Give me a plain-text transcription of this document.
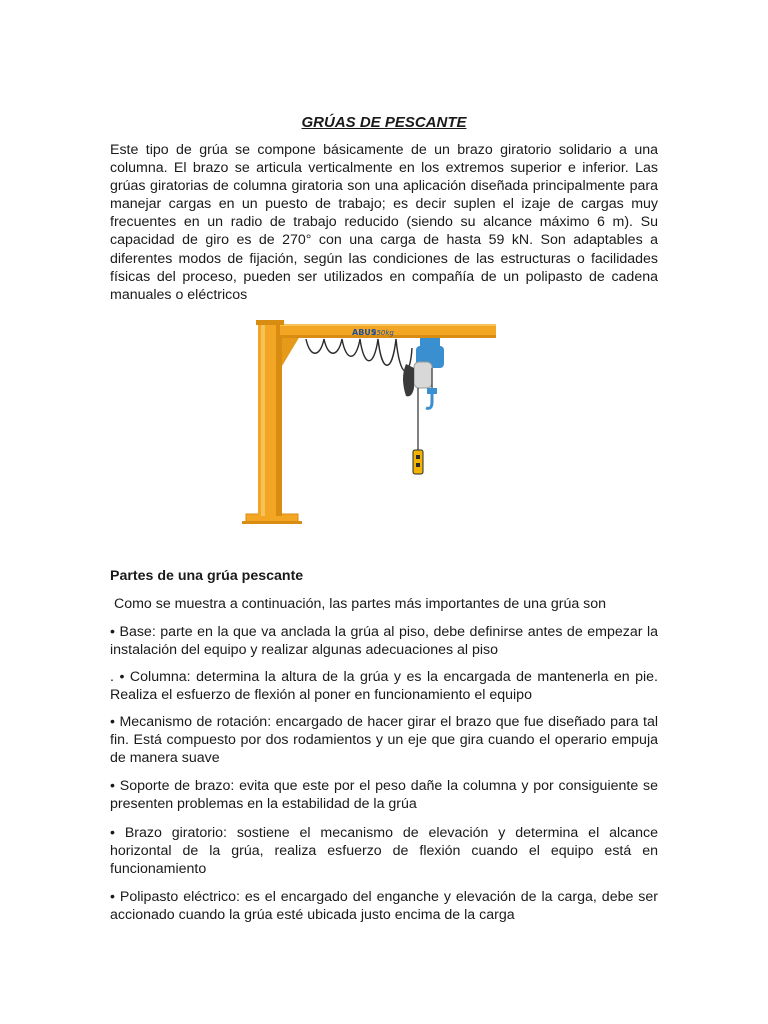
GRÚAS DE PESCANTE

Este tipo de grúa se compone básicamente de un brazo giratorio solidario a una columna. El brazo se articula verticalmente en los extremos superior e inferior. Las grúas giratorias de columna giratoria son una aplicación diseñada principalmente para manejar cargas en un puesto de trabajo; es decir suplen el izaje de cargas muy frecuentes en un radio de trabajo reducido (siendo su alcance máximo 6 m). Su capacidad de giro es de 270° con una carga de hasta 59 kN. Son adaptables a diferentes modos de fijación, según las condiciones de las estructuras o facilidades físicas del proceso, pueden ser utilizados en compañía de un polipasto de cadena manuales o eléctricos

ABUS
250kg
Partes de una grúa pescante

Como se muestra a continuación, las partes más importantes de una grúa son

• Base: parte en la que va anclada la grúa al piso, debe definirse antes de empezar la instalación del equipo y realizar algunas adecuaciones al piso

. • Columna: determina la altura de la grúa y es la encargada de mantenerla en pie. Realiza el esfuerzo de flexión al poner en funcionamiento el equipo

• Mecanismo de rotación: encargado de hacer girar el brazo que fue diseñado para tal fin. Está compuesto por dos rodamientos y un eje que gira cuando el operario empuja de manera suave

• Soporte de brazo: evita que este por el peso dañe la columna y por consiguiente se presenten problemas en la estabilidad de la grúa

• Brazo giratorio: sostiene el mecanismo de elevación y determina el alcance horizontal de la grúa, realiza esfuerzo de flexión cuando el equipo está en funcionamiento

• Polipasto eléctrico: es el encargado del enganche y elevación de la carga, debe ser accionado cuando la grúa esté ubicada justo encima de la carga
